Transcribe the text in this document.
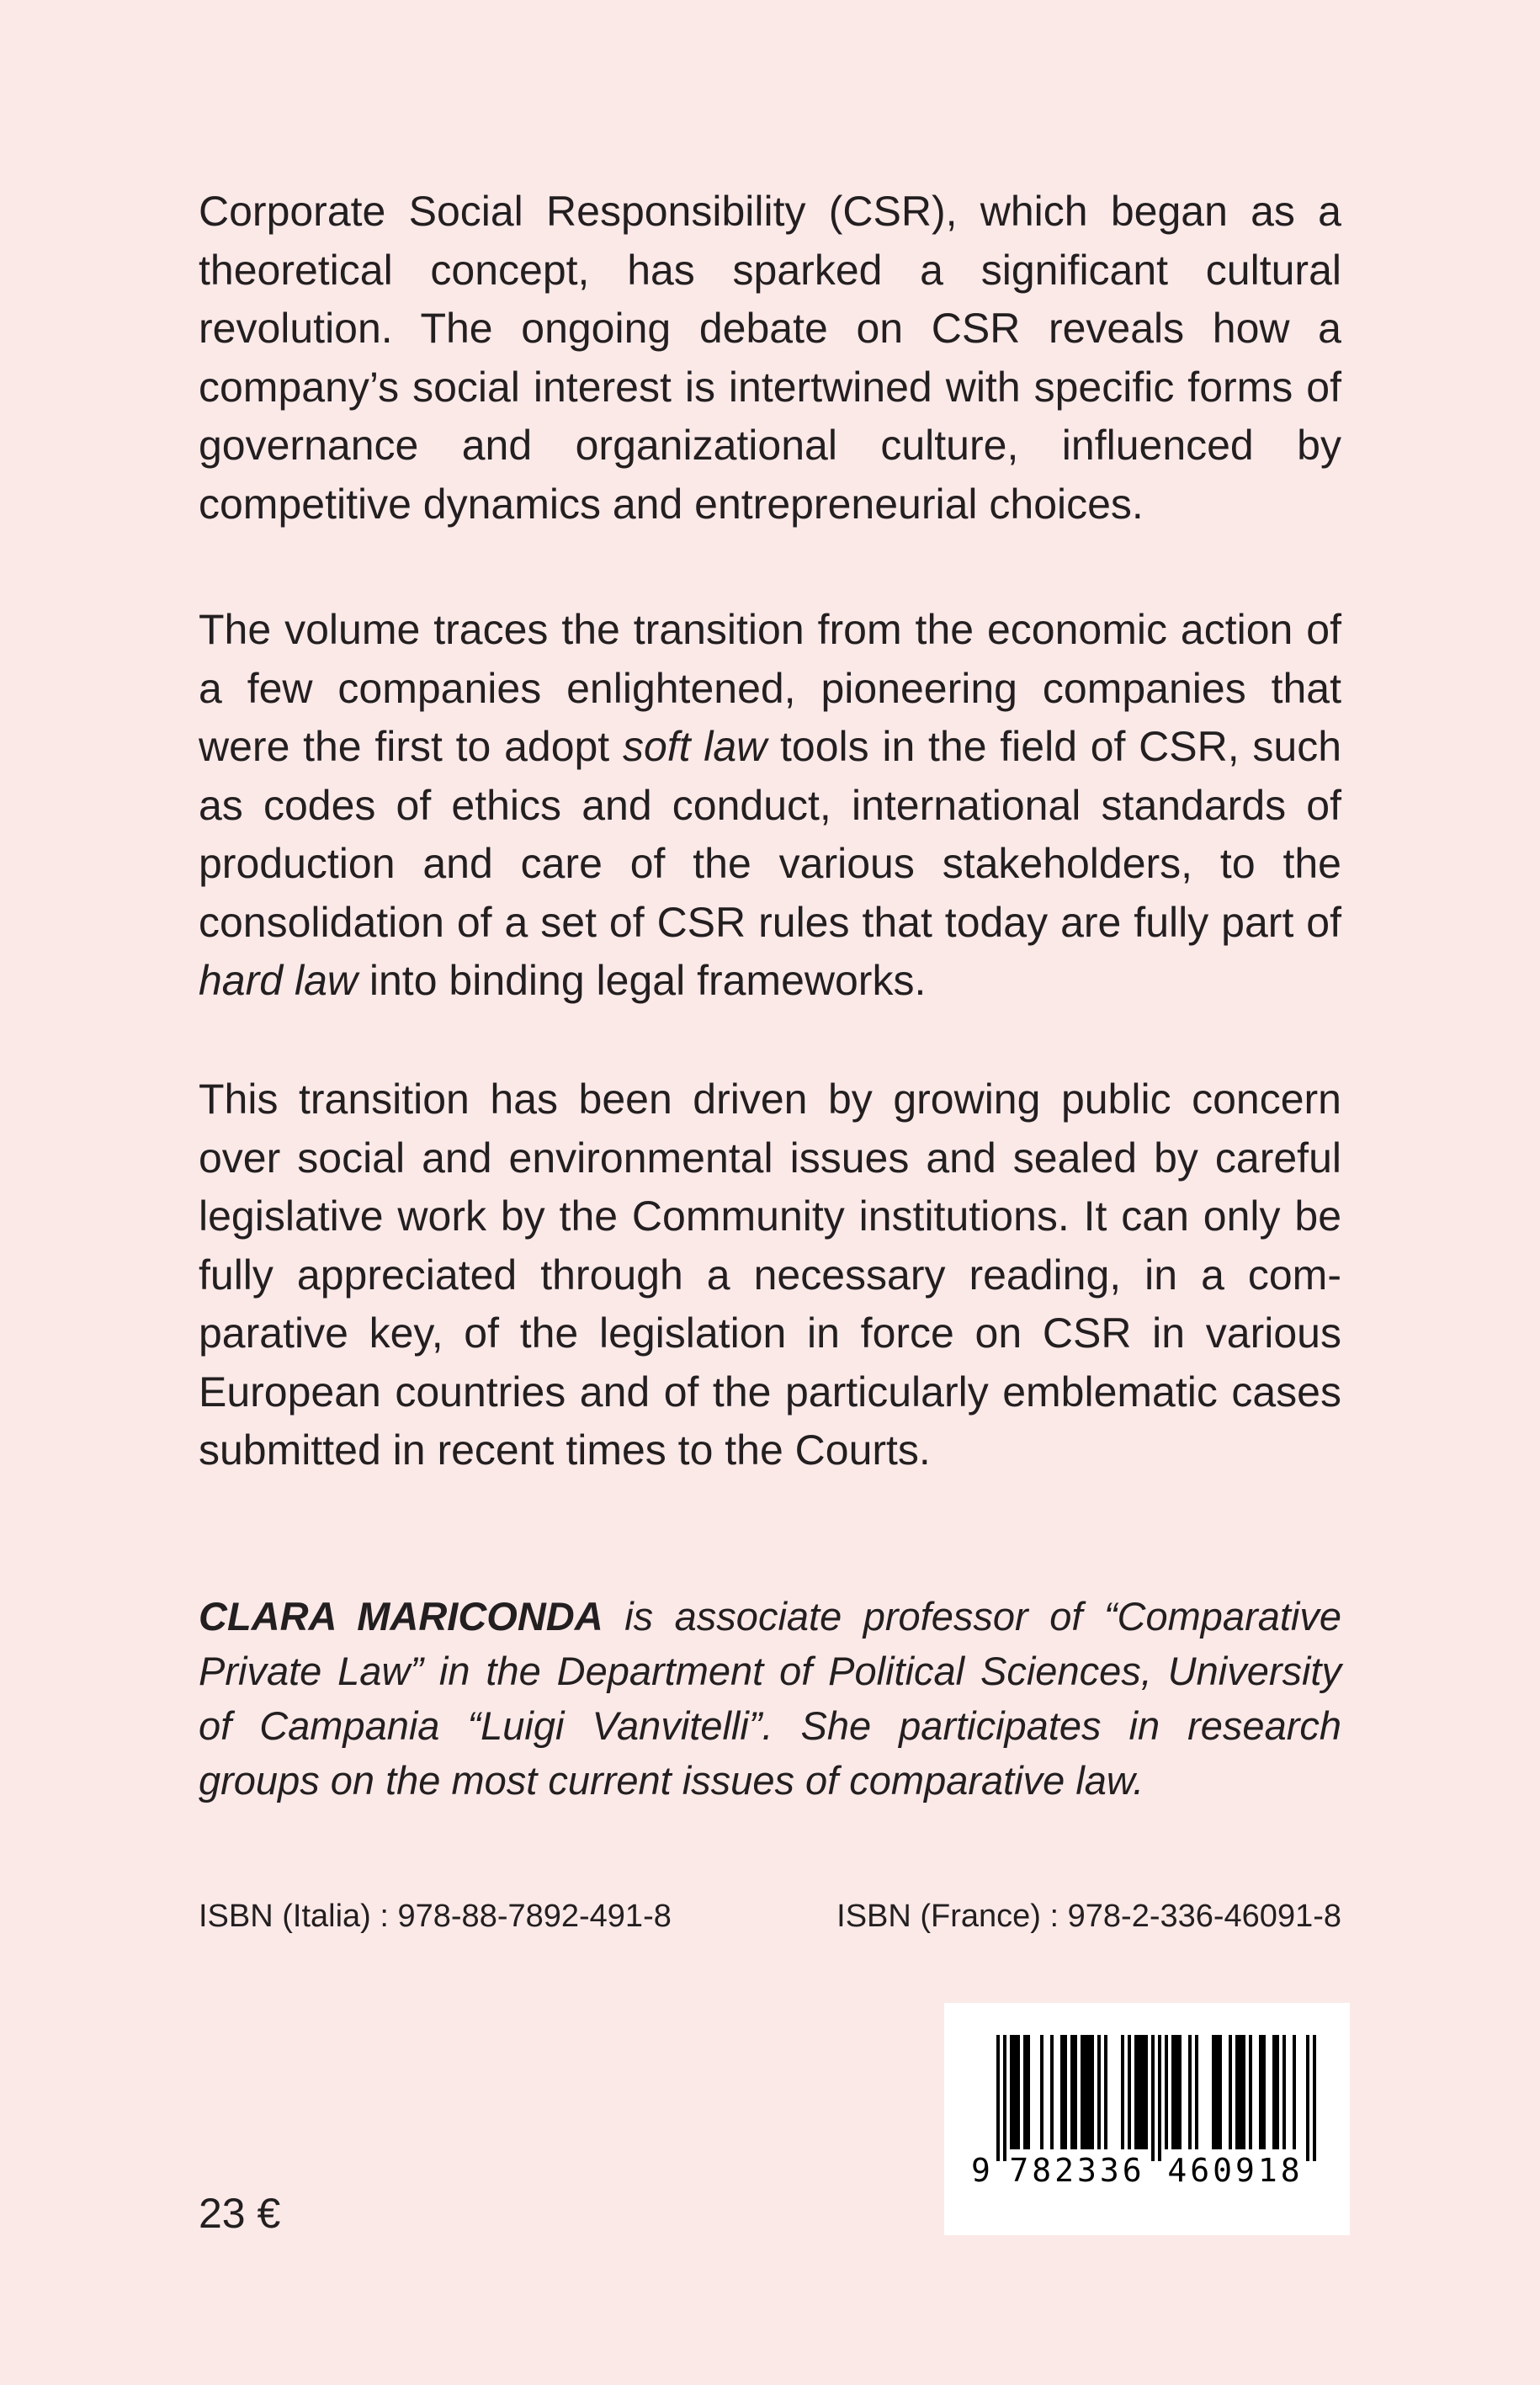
Corporate Social Responsibility (CSR), which began as a theoretical concept, has sparked a significant cultural revolution. The ongoing debate on CSR reveals how a company’s social interest is intertwined with specific forms of governance and organizational culture, influenced by competitive dynamics and entrepreneurial choices.

The volume traces the transition from the economic action of a few companies enlightened, pioneering companies that were the first to adopt soft law tools in the field of CSR, such as codes of ethics and conduct, international standards of production and care of the various stakeholders, to the consolidation of a set of CSR rules that today are fully part of hard law into binding legal frameworks.

This transition has been driven by growing public concern over social and environmental issues and sealed by careful legislative work by the Community institutions. It can only be fully appreciated through a necessary reading, in a comparative key, of the legislation in force on CSR in various European countries and of the particularly emblematic cases submitted in recent times to the Courts.

CLARA MARICONDA is associate professor of “Comparative Private Law” in the Department of Political Sciences, University of Campania “Luigi Vanvitelli”. She participates in research groups on the most current issues of comparative law.

ISBN (Italia) : 978-88-7892-491-8	ISBN (France) : 978-2-336-46091-8
9 782336 460918
23 €
